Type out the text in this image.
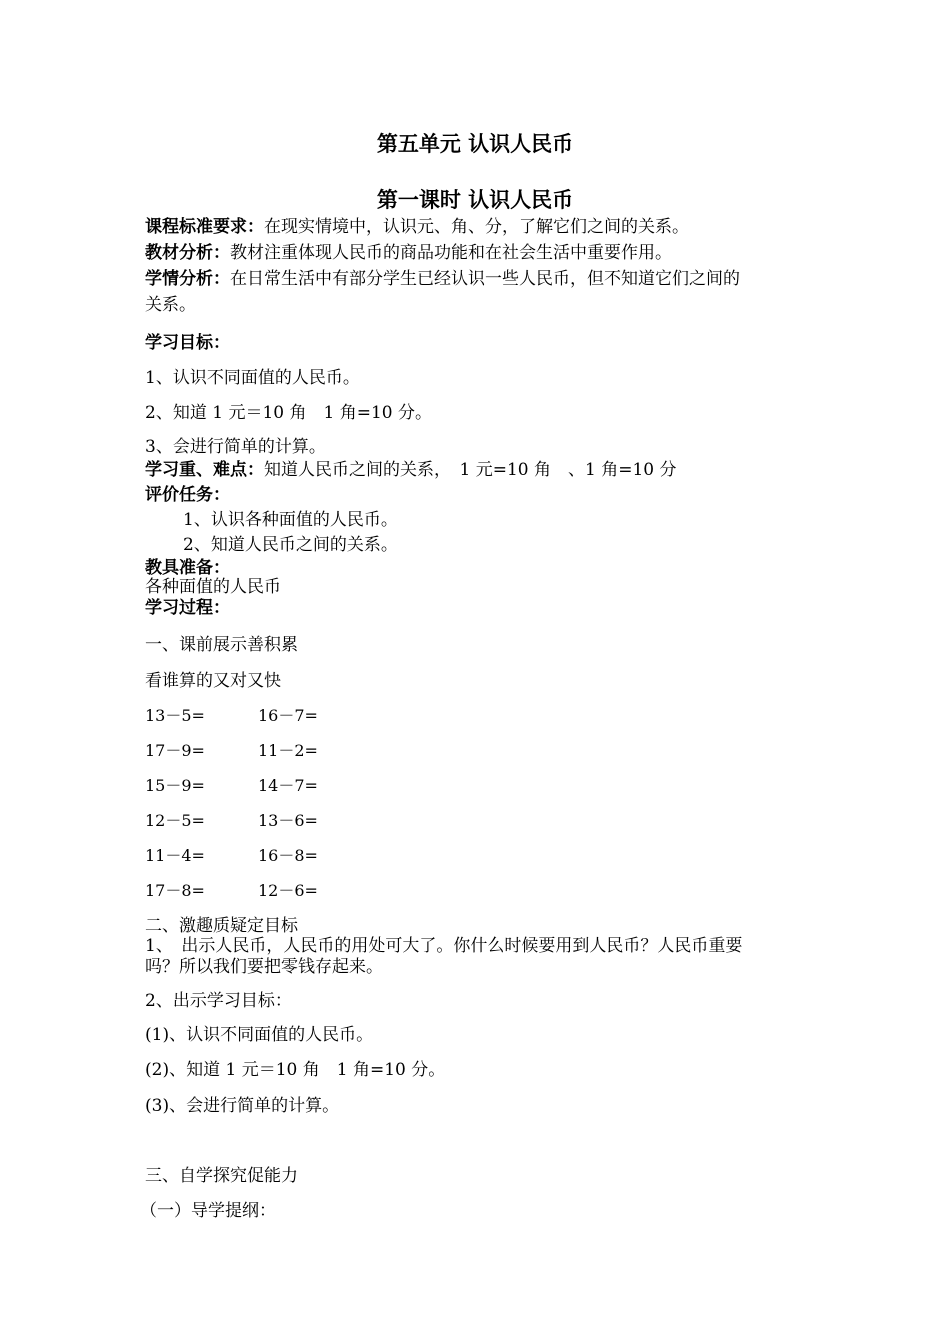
第五单元 认识人民币
第一课时 认识人民币
课程标准要求：在现实情境中，认识元、角、分，了解它们之间的关系。
教材分析：教材注重体现人民币的商品功能和在社会生活中重要作用。
学情分析：在日常生活中有部分学生已经认识一些人民币，但不知道它们之间的
关系。
学习目标：
1、认识不同面值的人民币。
2、知道 1 元＝10 角　1 角=10 分。
3、会进行简单的计算。
学习重、难点：知道人民币之间的关系，　1 元=10 角　、1 角=10 分
评价任务：
1、认识各种面值的人民币。
2、知道人民币之间的关系。
教具准备：
各种面值的人民币
学习过程：
一、课前展示善积累
看谁算的又对又快
13－5=	16－7=
17－9=	11－2=
15－9=	14－7=
12－5=	13－6=
11－4=	16－8=
17－8=	12－6=
二、激趣质疑定目标
1、　出示人民币，人民币的用处可大了。你什么时候要用到人民币？人民币重要
吗？所以我们要把零钱存起来。
2、出示学习目标：
(1)、认识不同面值的人民币。
(2)、知道 1 元＝10 角　1 角=10 分。
(3)、会进行简单的计算。
三、自学探究促能力
（一）导学提纲：
